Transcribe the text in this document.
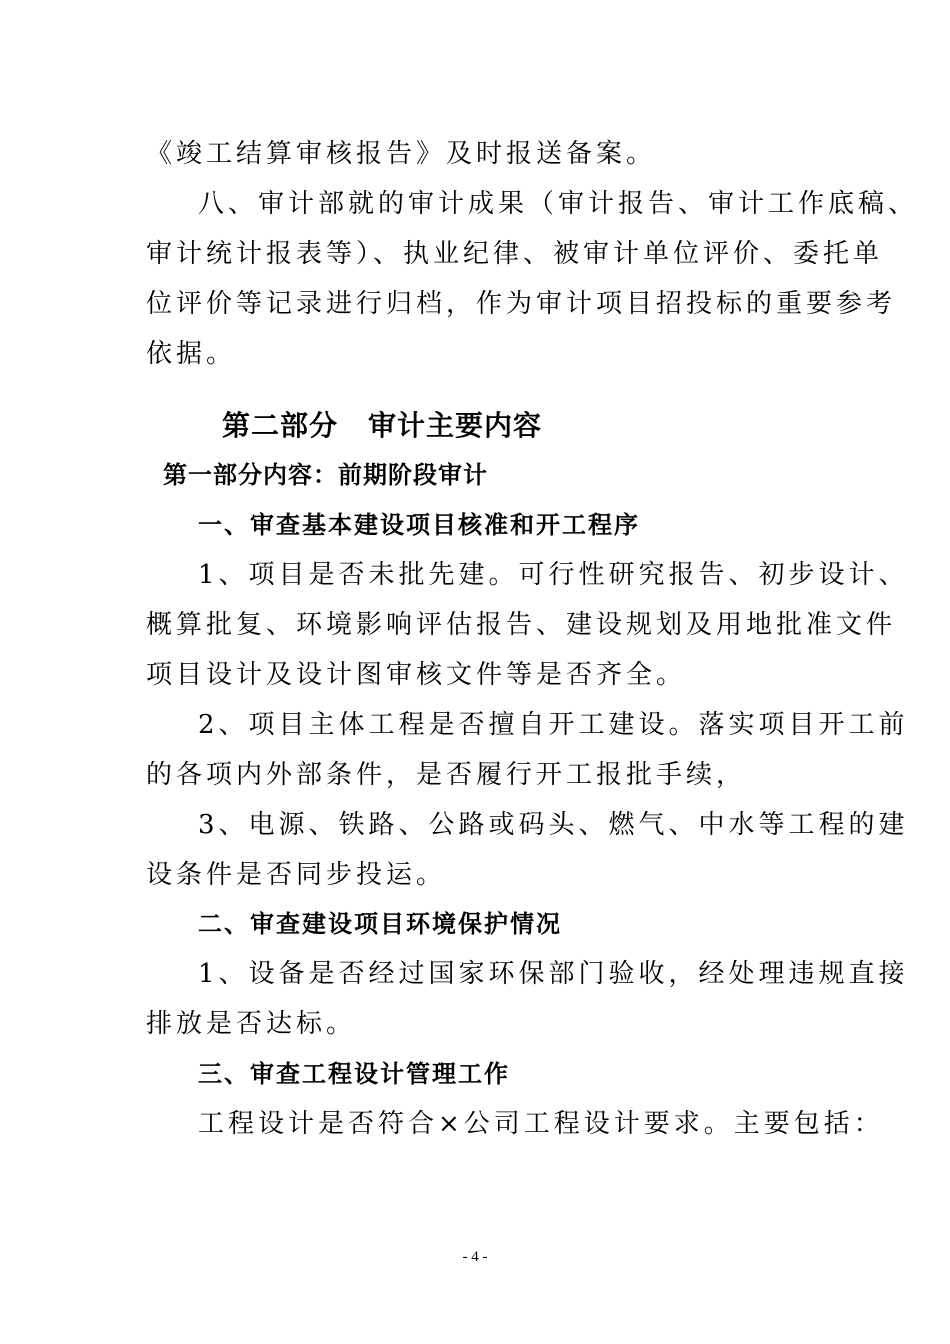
《竣工结算审核报告》及时报送备案。
八、审计部就的审计成果（审计报告、审计工作底稿、
审计统计报表等）、执业纪律、被审计单位评价、委托单
位评价等记录进行归档，作为审计项目招投标的重要参考
依据。
第二部分 审计主要内容
第一部分内容：前期阶段审计
一、审查基本建设项目核准和开工程序
1、项目是否未批先建。可行性研究报告、初步设计、
概算批复、环境影响评估报告、建设规划及用地批准文件
项目设计及设计图审核文件等是否齐全。
2、项目主体工程是否擅自开工建设。落实项目开工前
的各项内外部条件，是否履行开工报批手续，
3、电源、铁路、公路或码头、燃气、中水等工程的建
设条件是否同步投运。
二、审查建设项目环境保护情况
1、设备是否经过国家环保部门验收，经处理违规直接
排放是否达标。
三、审查工程设计管理工作
工程设计是否符合×公司工程设计要求。主要包括：
- 4 -
